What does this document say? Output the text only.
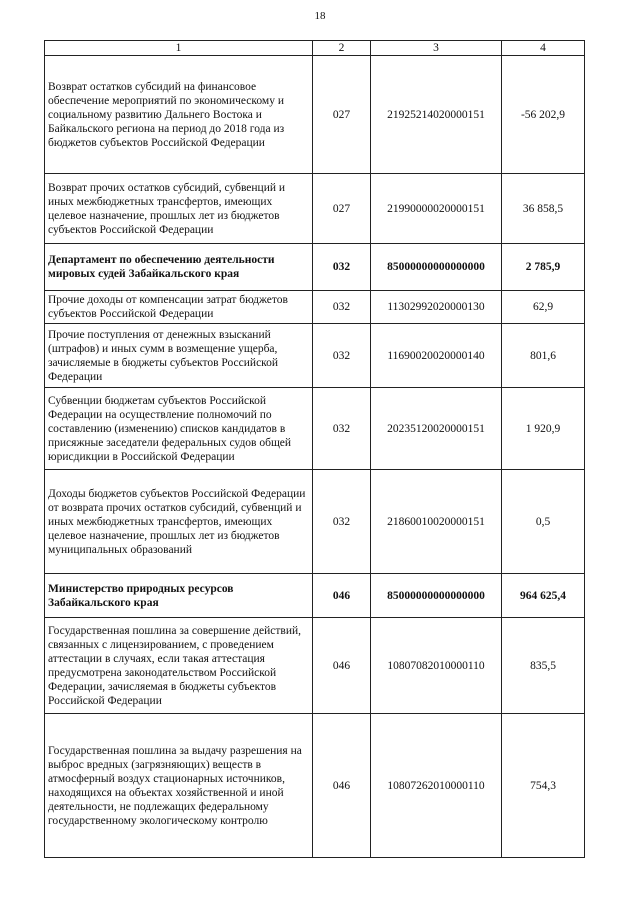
18
1	2	3	4
Возврат остатков субсидий на финансовое обеспечение мероприятий по экономическому и социальному развитию Дальнего Востока и Байкальского региона на период до 2018 года из бюджетов субъектов Российской Федерации	027	21925214020000151	-56 202,9
Возврат прочих остатков субсидий, субвенций и иных межбюджетных трансфертов, имеющих целевое назначение, прошлых лет из бюджетов субъектов Российской Федерации	027	21990000020000151	36 858,5
Департамент по обеспечению деятельности мировых судей Забайкальского края	032	85000000000000000	2 785,9
Прочие доходы от компенсации затрат бюджетов субъектов Российской Федерации	032	11302992020000130	62,9
Прочие поступления от денежных взысканий (штрафов) и иных сумм в возмещение ущерба, зачисляемые в бюджеты субъектов Российской Федерации	032	11690020020000140	801,6
Субвенции бюджетам субъектов Российской Федерации на осуществление полномочий по составлению (изменению) списков кандидатов в присяжные заседатели федеральных судов общей юрисдикции в Российской Федерации	032	20235120020000151	1 920,9
Доходы бюджетов субъектов Российской Федерации от возврата прочих остатков субсидий, субвенций и иных межбюджетных трансфертов, имеющих целевое назначение, прошлых лет из бюджетов муниципальных образований	032	21860010020000151	0,5
Министерство природных ресурсов Забайкальского края	046	85000000000000000	964 625,4
Государственная пошлина за совершение действий, связанных с лицензированием, с проведением аттестации в случаях, если такая аттестация предусмотрена законодательством Российской Федерации, зачисляемая в бюджеты субъектов Российской Федерации	046	10807082010000110	835,5
Государственная пошлина за выдачу разрешения на выброс вредных (загрязняющих) веществ в атмосферный воздух стационарных источников, находящихся на объектах хозяйственной и иной деятельности, не подлежащих федеральному государственному экологическому контролю	046	10807262010000110	754,3
